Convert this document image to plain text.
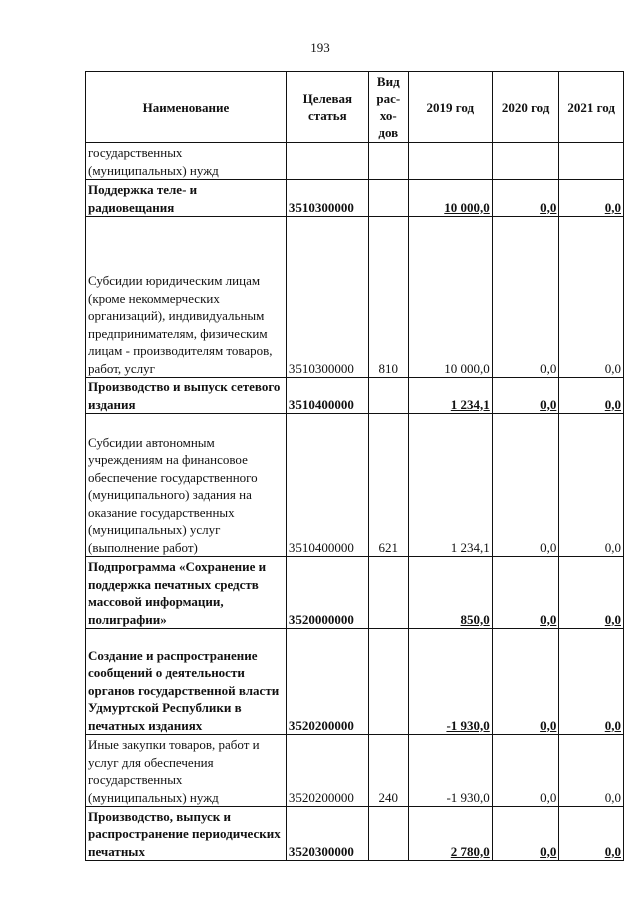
193
Наименование	Целевая статья	Вид рас-хо-дов	2019 год	2020 год	2021 год
государственных (муниципальных) нужд					
Поддержка теле- и радиовещания	3510300000		10 000,0	0,0	0,0
Субсидии юридическим лицам (кроме некоммерческих организаций), индивидуальным предпринимателям, физическим лицам - производителям товаров, работ, услуг	3510300000	810	10 000,0	0,0	0,0
Производство и выпуск сетевого издания	3510400000		1 234,1	0,0	0,0
Субсидии автономным учреждениям на финансовое обеспечение государственного (муниципального) задания на оказание государственных (муниципальных) услуг (выполнение работ)	3510400000	621	1 234,1	0,0	0,0
Подпрограмма «Сохранение и поддержка печатных средств массовой информации, полиграфии»	3520000000		850,0	0,0	0,0
Создание и распространение сообщений о деятельности органов государственной власти Удмуртской Республики в печатных изданиях	3520200000		-1 930,0	0,0	0,0
Иные закупки товаров, работ и услуг для обеспечения государственных (муниципальных) нужд	3520200000	240	-1 930,0	0,0	0,0
Производство, выпуск и распространение периодических печатных	3520300000		2 780,0	0,0	0,0
